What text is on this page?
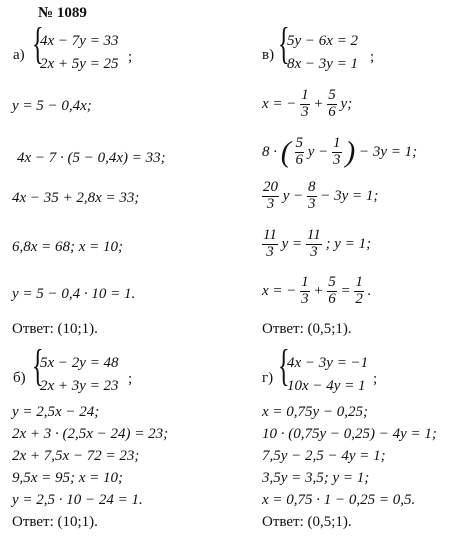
№ 1089
а) {
4x − 7y = 33
2x + 5y = 25 ;
y = 5 − 0,4x;
4x − 7 · (5 − 0,4x) = 33;
4x − 35 + 2,8x = 33;
6,8x = 68; x = 10;
y = 5 − 0,4 · 10 = 1.
Ответ: (10;1).
б) {
5x − 2y = 48
2x + 3y = 23 ;
y = 2,5x − 24;
2x + 3 · (2,5x − 24) = 23;
2x + 7,5x − 72 = 23;
9,5x = 95; x = 10;
y = 2,5 · 10 − 24 = 1.
Ответ: (10;1).
в) {
5y − 6x = 2
8x − 3y = 1 ;
x = − $\frac{1}{3} + \frac{5}{6} y$;
8 · ( $\frac{5}{6}$ $y - \frac{1}{3}$ ) − 3y = 1;
$\frac{20}{3}$ $y - \frac{8}{3} - 3y = 1$;
$\frac{11}{3}$ $y = \frac{11}{3}$ ; y = 1;
x = − $\frac{1}{3} + \frac{5}{6} = \frac{1}{2}$ .
Ответ: (0,5;1).
г) {
4x − 3y = −1
10x − 4y = 1 ;
x = 0,75y − 0,25;
10 · (0,75y − 0,25) − 4y = 1;
7,5y − 2,5 − 4y = 1;
3,5y = 3,5; y = 1;
x = 0,75 · 1 − 0,25 = 0,5.
Ответ: (0,5;1).
